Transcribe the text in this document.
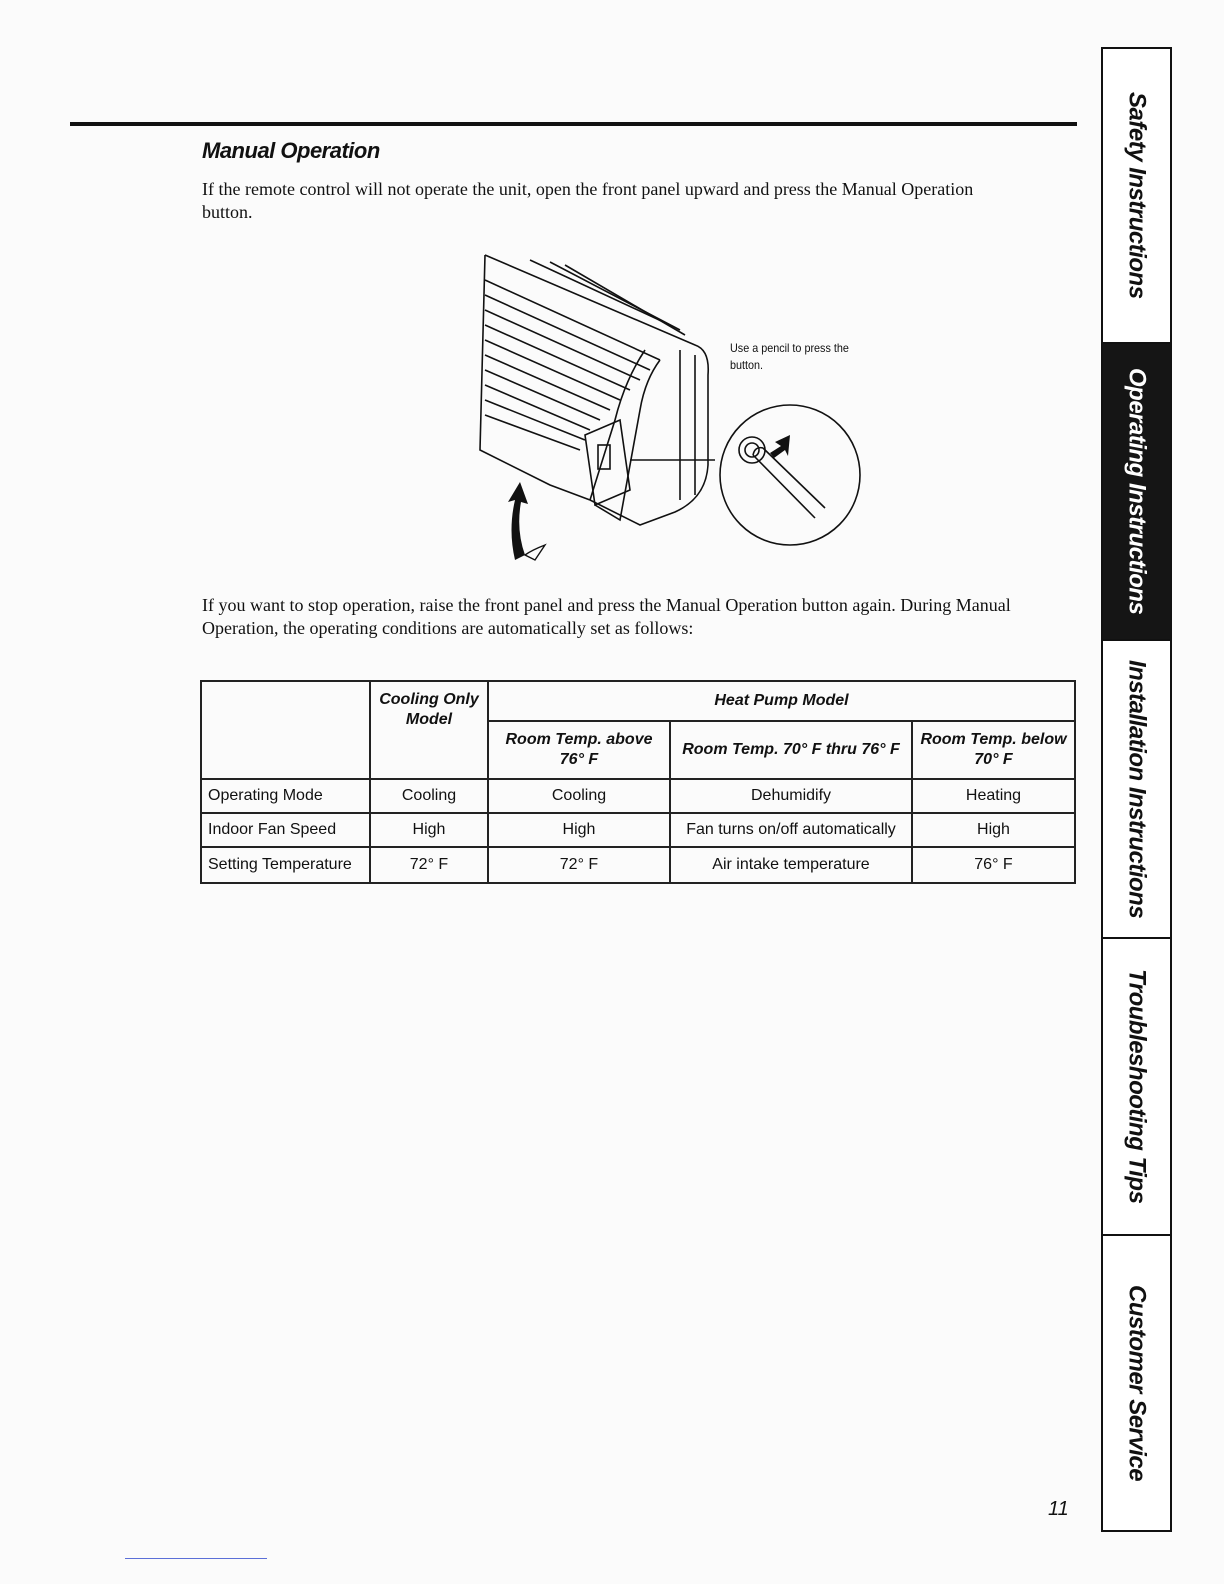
Manual Operation
If the remote control will not operate the unit, open the front panel upward and press the Manual Operation button.
Use a pencil to press the button.
If you want to stop operation, raise the front panel and press the Manual Operation button again. During Manual Operation, the operating conditions are automatically set as follows:
	Cooling Only Model	Heat Pump Model		
		Room Temp. above 76° F	Room Temp. 70° F thru 76° F	Room Temp. below 70° F
Operating Mode	Cooling	Cooling	Dehumidify	Heating
Indoor Fan Speed	High	High	Fan turns on/off automatically	High
Setting Temperature	72° F	72° F	Air intake temperature	76° F
Safety Instructions
Operating Instructions
Installation Instructions
Troubleshooting Tips
Customer Service
11
